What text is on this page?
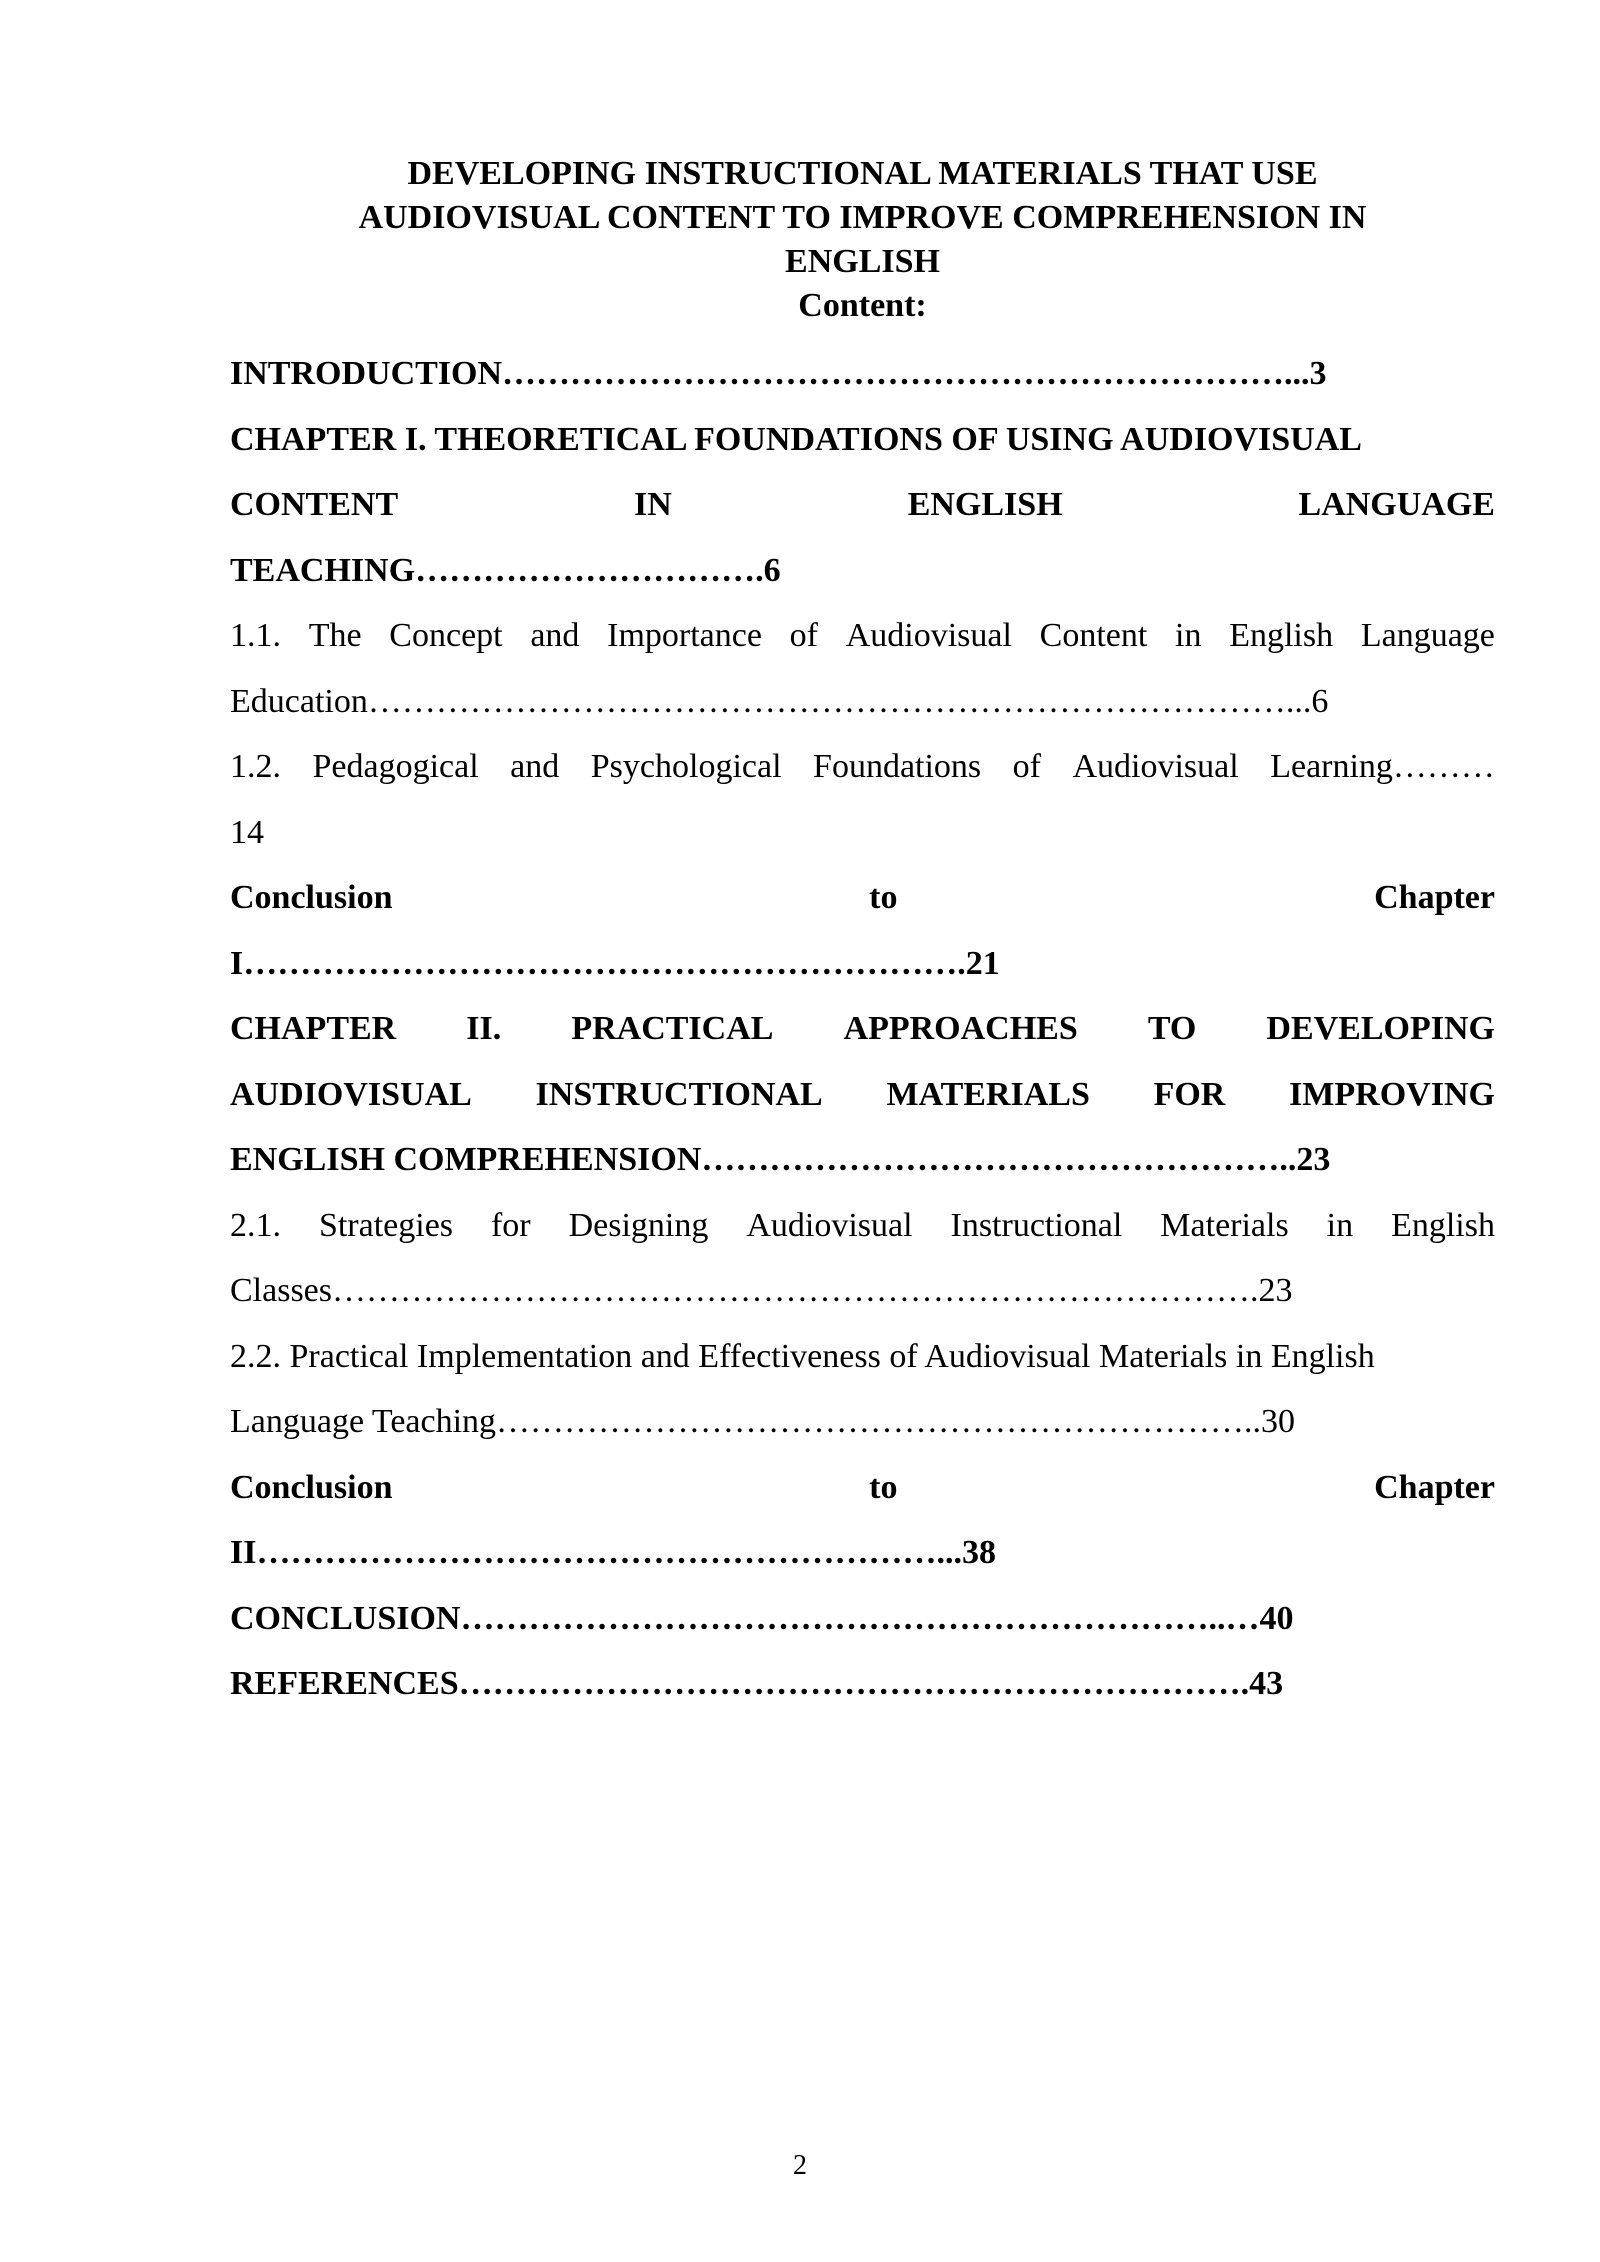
DEVELOPING INSTRUCTIONAL MATERIALS THAT USE
AUDIOVISUAL CONTENT TO IMPROVE COMPREHENSION IN
ENGLISH
Content:
INTRODUCTION……………………………………………………………...3
CHAPTER I. THEORETICAL FOUNDATIONS OF USING AUDIOVISUAL
CONTENT	IN	ENGLISH	LANGUAGE
TEACHING………………………….6
1.1. The Concept and Importance of Audiovisual Content in English Language
Education………………………………………………………………………...6
1.2. Pedagogical and Psychological Foundations of Audiovisual Learning………
14
Conclusion	to	Chapter
I……………………………………………………….21
CHAPTER II. PRACTICAL APPROACHES TO DEVELOPING
AUDIOVISUAL INSTRUCTIONAL MATERIALS FOR IMPROVING
ENGLISH COMPREHENSION……………………………………………..23
2.1. Strategies for Designing Audiovisual Instructional Materials in English
Classes……………………………………………………………………….23
2.2. Practical Implementation and Effectiveness of Audiovisual Materials in English
Language Teaching…………………………………………………………..30
Conclusion	to	Chapter
II……………………………………………………...38
CONCLUSION…………………………………………………………..…40
REFERENCES…………………………………………………………….43
2
